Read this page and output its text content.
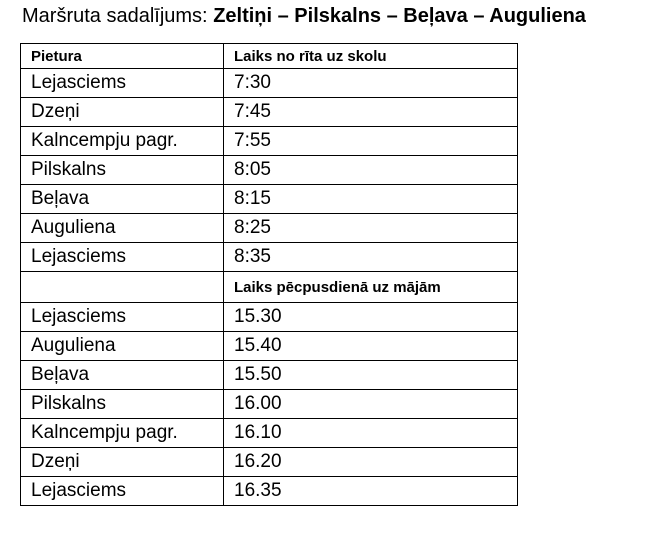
Maršruta sadalījums: Zeltiņi – Pilskalns – Beļava – Auguliena
Pietura	Laiks no rīta uz skolu
Lejasciems	7:30
Dzeņi	7:45
Kalncempju pagr.	7:55
Pilskalns	8:05
Beļava	8:15
Auguliena	8:25
Lejasciems	8:35
	Laiks pēcpusdienā uz mājām
Lejasciems	15.30
Auguliena	15.40
Beļava	15.50
Pilskalns	16.00
Kalncempju pagr.	16.10
Dzeņi	16.20
Lejasciems	16.35
